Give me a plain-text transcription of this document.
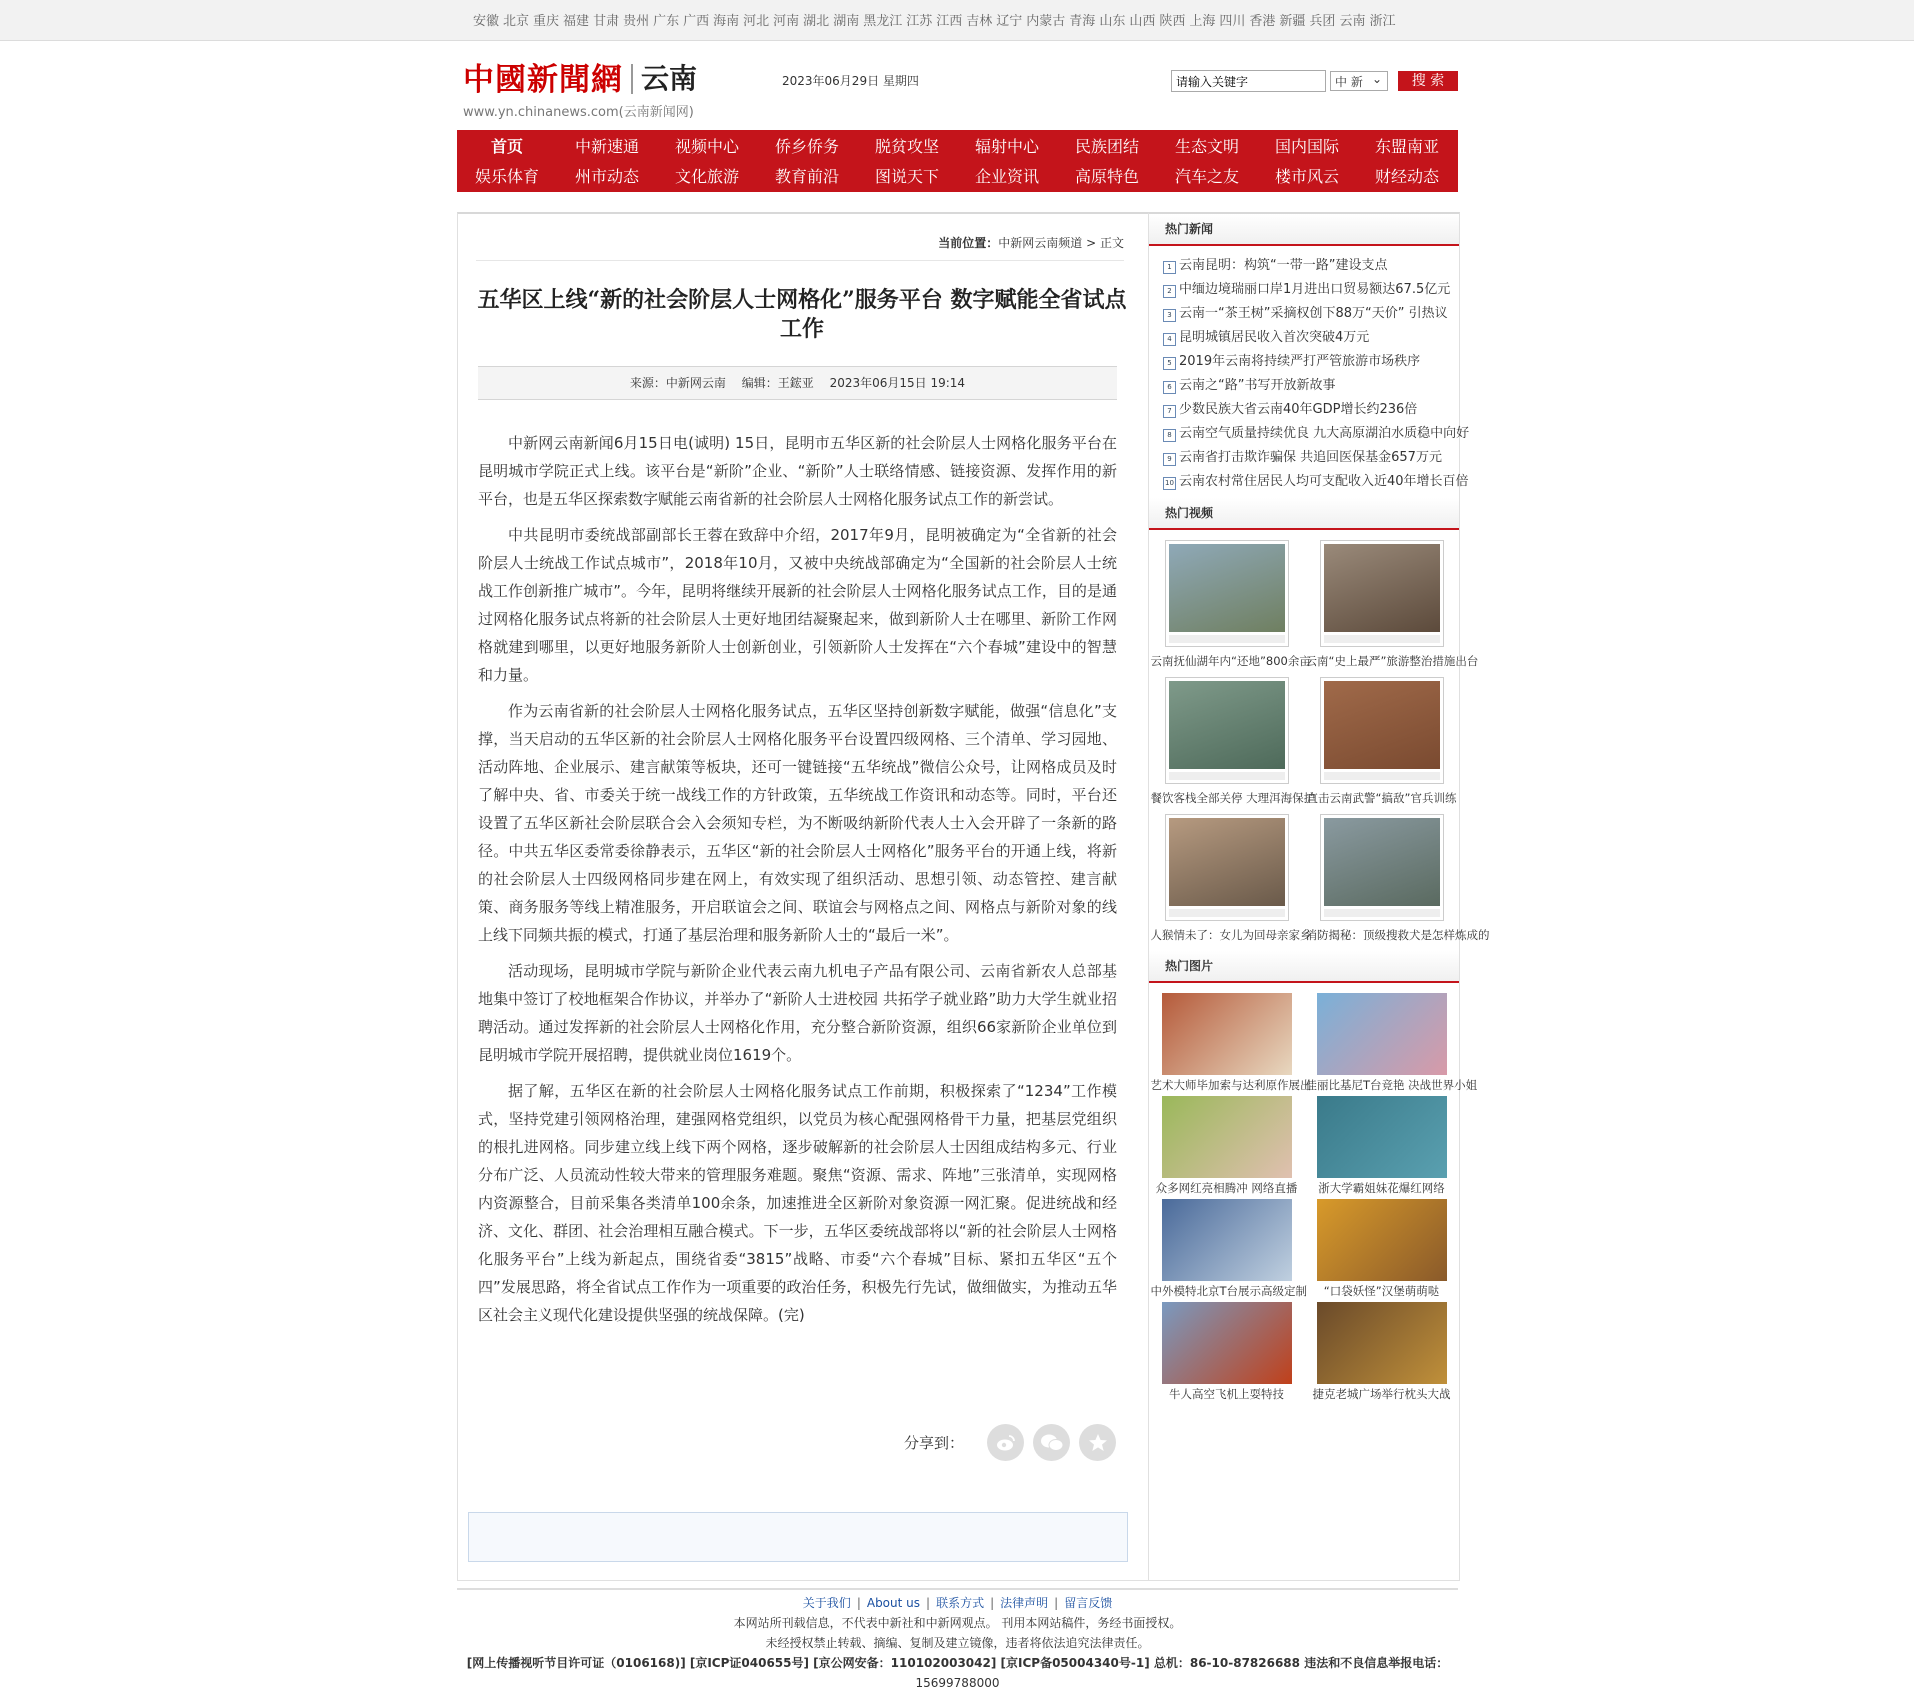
安徽 北京 重庆 福建 甘肃 贵州 广东 广西 海南 河北 河南 湖北 湖南 黑龙江 江苏 江西 吉林 辽宁 内蒙古 青海 山东 山西 陕西 上海 四川 香港 新疆 兵团 云南 浙江
中國新聞網 云南
www.yn.chinanews.com(云南新闻网)
2023年06月29日 星期四
请输入关键字	中 新 ⌄	搜 索
首页	中新速通	视频中心	侨乡侨务	脱贫攻坚	辐射中心	民族团结	生态文明	国内国际	东盟南亚
娱乐体育	州市动态	文化旅游	教育前沿	图说天下	企业资讯	高原特色	汽车之友	楼市风云	财经动态
当前位置：中新网云南频道 > 正文
五华区上线“新的社会阶层人士网格化”服务平台 数字赋能全省试点工作
来源：中新网云南 编辑：王鋐亚 2023年06月15日 19:14

中新网云南新闻6月15日电(诚明) 15日，昆明市五华区新的社会阶层人士网格化服务平台在昆明城市学院正式上线。该平台是“新阶”企业、“新阶”人士联络情感、链接资源、发挥作用的新平台，也是五华区探索数字赋能云南省新的社会阶层人士网格化服务试点工作的新尝试。

中共昆明市委统战部副部长王蓉在致辞中介绍，2017年9月，昆明被确定为“全省新的社会阶层人士统战工作试点城市”，2018年10月，又被中央统战部确定为“全国新的社会阶层人士统战工作创新推广城市”。今年，昆明将继续开展新的社会阶层人士网格化服务试点工作，目的是通过网格化服务试点将新的社会阶层人士更好地团结凝聚起来，做到新阶人士在哪里、新阶工作网格就建到哪里，以更好地服务新阶人士创新创业，引领新阶人士发挥在“六个春城”建设中的智慧和力量。

作为云南省新的社会阶层人士网格化服务试点，五华区坚持创新数字赋能，做强“信息化”支撑，当天启动的五华区新的社会阶层人士网格化服务平台设置四级网格、三个清单、学习园地、活动阵地、企业展示、建言献策等板块，还可一键链接“五华统战”微信公众号，让网格成员及时了解中央、省、市委关于统一战线工作的方针政策，五华统战工作资讯和动态等。同时，平台还设置了五华区新社会阶层联合会入会须知专栏，为不断吸纳新阶代表人士入会开辟了一条新的路径。中共五华区委常委徐静表示，五华区“新的社会阶层人士网格化”服务平台的开通上线，将新的社会阶层人士四级网格同步建在网上，有效实现了组织活动、思想引领、动态管控、建言献策、商务服务等线上精准服务，开启联谊会之间、联谊会与网格点之间、网格点与新阶对象的线上线下同频共振的模式，打通了基层治理和服务新阶人士的“最后一米”。

活动现场，昆明城市学院与新阶企业代表云南九机电子产品有限公司、云南省新农人总部基地集中签订了校地框架合作协议，并举办了“新阶人士进校园 共拓学子就业路”助力大学生就业招聘活动。通过发挥新的社会阶层人士网格化作用，充分整合新阶资源，组织66家新阶企业单位到昆明城市学院开展招聘，提供就业岗位1619个。

据了解，五华区在新的社会阶层人士网格化服务试点工作前期，积极探索了“1234”工作模式，坚持党建引领网格治理，建强网格党组织，以党员为核心配强网格骨干力量，把基层党组织的根扎进网格。同步建立线上线下两个网格，逐步破解新的社会阶层人士因组成结构多元、行业分布广泛、人员流动性较大带来的管理服务难题。聚焦“资源、需求、阵地”三张清单，实现网格内资源整合，目前采集各类清单100余条，加速推进全区新阶对象资源一网汇聚。促进统战和经济、文化、群团、社会治理相互融合模式。下一步，五华区委统战部将以“新的社会阶层人士网格化服务平台”上线为新起点，围绕省委“3815”战略、市委“六个春城”目标、紧扣五华区“五个四”发展思路，将全省试点工作作为一项重要的政治任务，积极先行先试，做细做实，为推动五华区社会主义现代化建设提供坚强的统战保障。(完)

分享到：
热门新闻
1 云南昆明：构筑“一带一路”建设支点
2 中缅边境瑞丽口岸1月进出口贸易额达67.5亿元
3 云南一“茶王树”采摘权创下88万“天价” 引热议
4 昆明城镇居民收入首次突破4万元
5 2019年云南将持续严打严管旅游市场秩序
6 云南之“路”书写开放新故事
7 少数民族大省云南40年GDP增长约236倍
8 云南空气质量持续优良 九大高原湖泊水质稳中向好
9 云南省打击欺诈骗保 共追回医保基金657万元
10 云南农村常住居民人均可支配收入近40年增长百倍
热门视频
云南抚仙湖年内“还地”800余亩
云南“史上最严”旅游整治措施出台
餐饮客栈全部关停 大理洱海保护
直击云南武警“搞敌”官兵训练
人猴情未了：女儿为回母亲家乡
消防揭秘：顶级搜救犬是怎样炼成的
热门图片
艺术大师毕加索与达利原作展出
佳丽比基尼T台竞艳 决战世界小姐
众多网红亮相腾冲 网络直播	浙大学霸姐妹花爆红网络
中外模特北京T台展示高级定制	“口袋妖怪”汉堡萌萌哒
牛人高空飞机上耍特技	捷克老城广场举行枕头大战
关于我们 | About us | 联系方式 | 法律声明 | 留言反馈
本网站所刊载信息，不代表中新社和中新网观点。 刊用本网站稿件，务经书面授权。
未经授权禁止转载、摘编、复制及建立镜像，违者将依法追究法律责任。
[网上传播视听节目许可证（0106168)] [京ICP证040655号] [京公网安备：110102003042] [京ICP备05004340号-1] 总机：86-10-87826688 违法和不良信息举报电话：
15699788000
